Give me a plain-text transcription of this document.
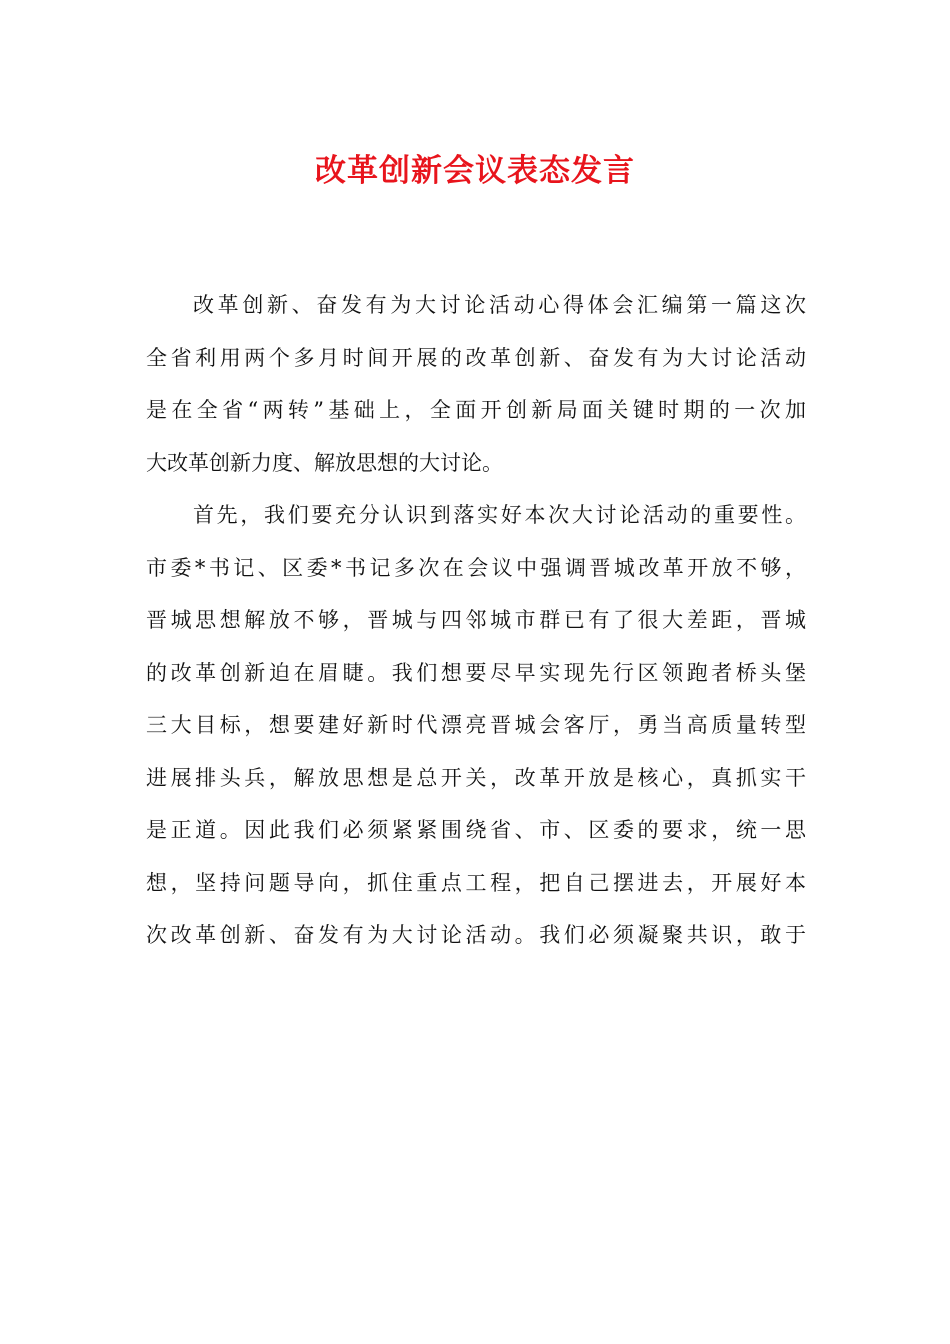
改革创新会议表态发言
改革创新、奋发有为大讨论活动心得体会汇编第一篇这次
全省利用两个多月时间开展的改革创新、奋发有为大讨论活动
是在全省“两转”基础上，全面开创新局面关键时期的一次加
大改革创新力度、解放思想的大讨论。
首先，我们要充分认识到落实好本次大讨论活动的重要性。
市委*书记、区委*书记多次在会议中强调晋城改革开放不够，
晋城思想解放不够，晋城与四邻城市群已有了很大差距，晋城
的改革创新迫在眉睫。我们想要尽早实现先行区领跑者桥头堡
三大目标，想要建好新时代漂亮晋城会客厅，勇当高质量转型
进展排头兵，解放思想是总开关，改革开放是核心，真抓实干
是正道。因此我们必须紧紧围绕省、市、区委的要求，统一思
想，坚持问题导向，抓住重点工程，把自己摆进去，开展好本
次改革创新、奋发有为大讨论活动。我们必须凝聚共识，敢于
